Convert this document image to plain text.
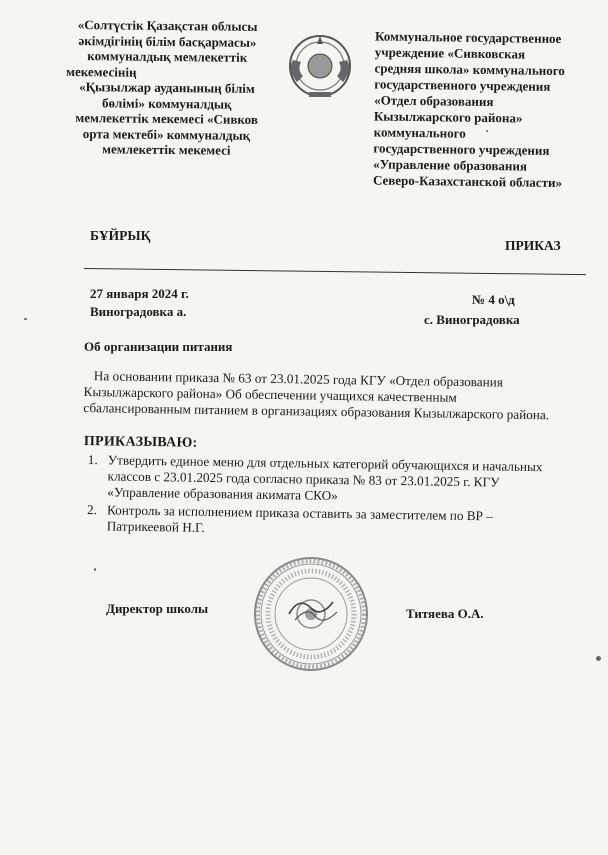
«Солтүстік Қазақстан облысы
әкімдігінің білім басқармасы»
коммуналдық мемлекеттік
мекемесінің
«Қызылжар ауданының білім
бөлімі» коммуналдық
мемлекеттік мекемесі «Сивков
орта мектебі» коммуналдық
мемлекеттік мекемесі
Коммунальное государственное
учреждение «Сивковская
средняя школа» коммунального
государственного учреждения
«Отдел образования
Кызылжарского района»
коммунального
государственного учреждения
«Управление образования
Северо-Казахстанской области»
БҰЙРЫҚ
ПРИКАЗ
27 января 2024 г.
Виноградовка а.
№ 4 о\д
с. Виноградовка
Об организации питания
На основании приказа № 63 от 23.01.2025 года КГУ «Отдел образования Кызылжарского района» Об обеспечении учащихся качественным сбалансированным питанием в организациях образования Кызылжарского района.
ПРИКАЗЫВАЮ:
1. Утвердить единое меню для отдельных категорий обучающихся и начальных классов с 23.01.2025 года согласно приказа № 83 от 23.01.2025 г. КГУ «Управление образования акимата СКО»
2. Контроль за исполнением приказа оставить за заместителем по ВР – Патрикеевой Н.Г.
Директор школы	Титяева О.А.
